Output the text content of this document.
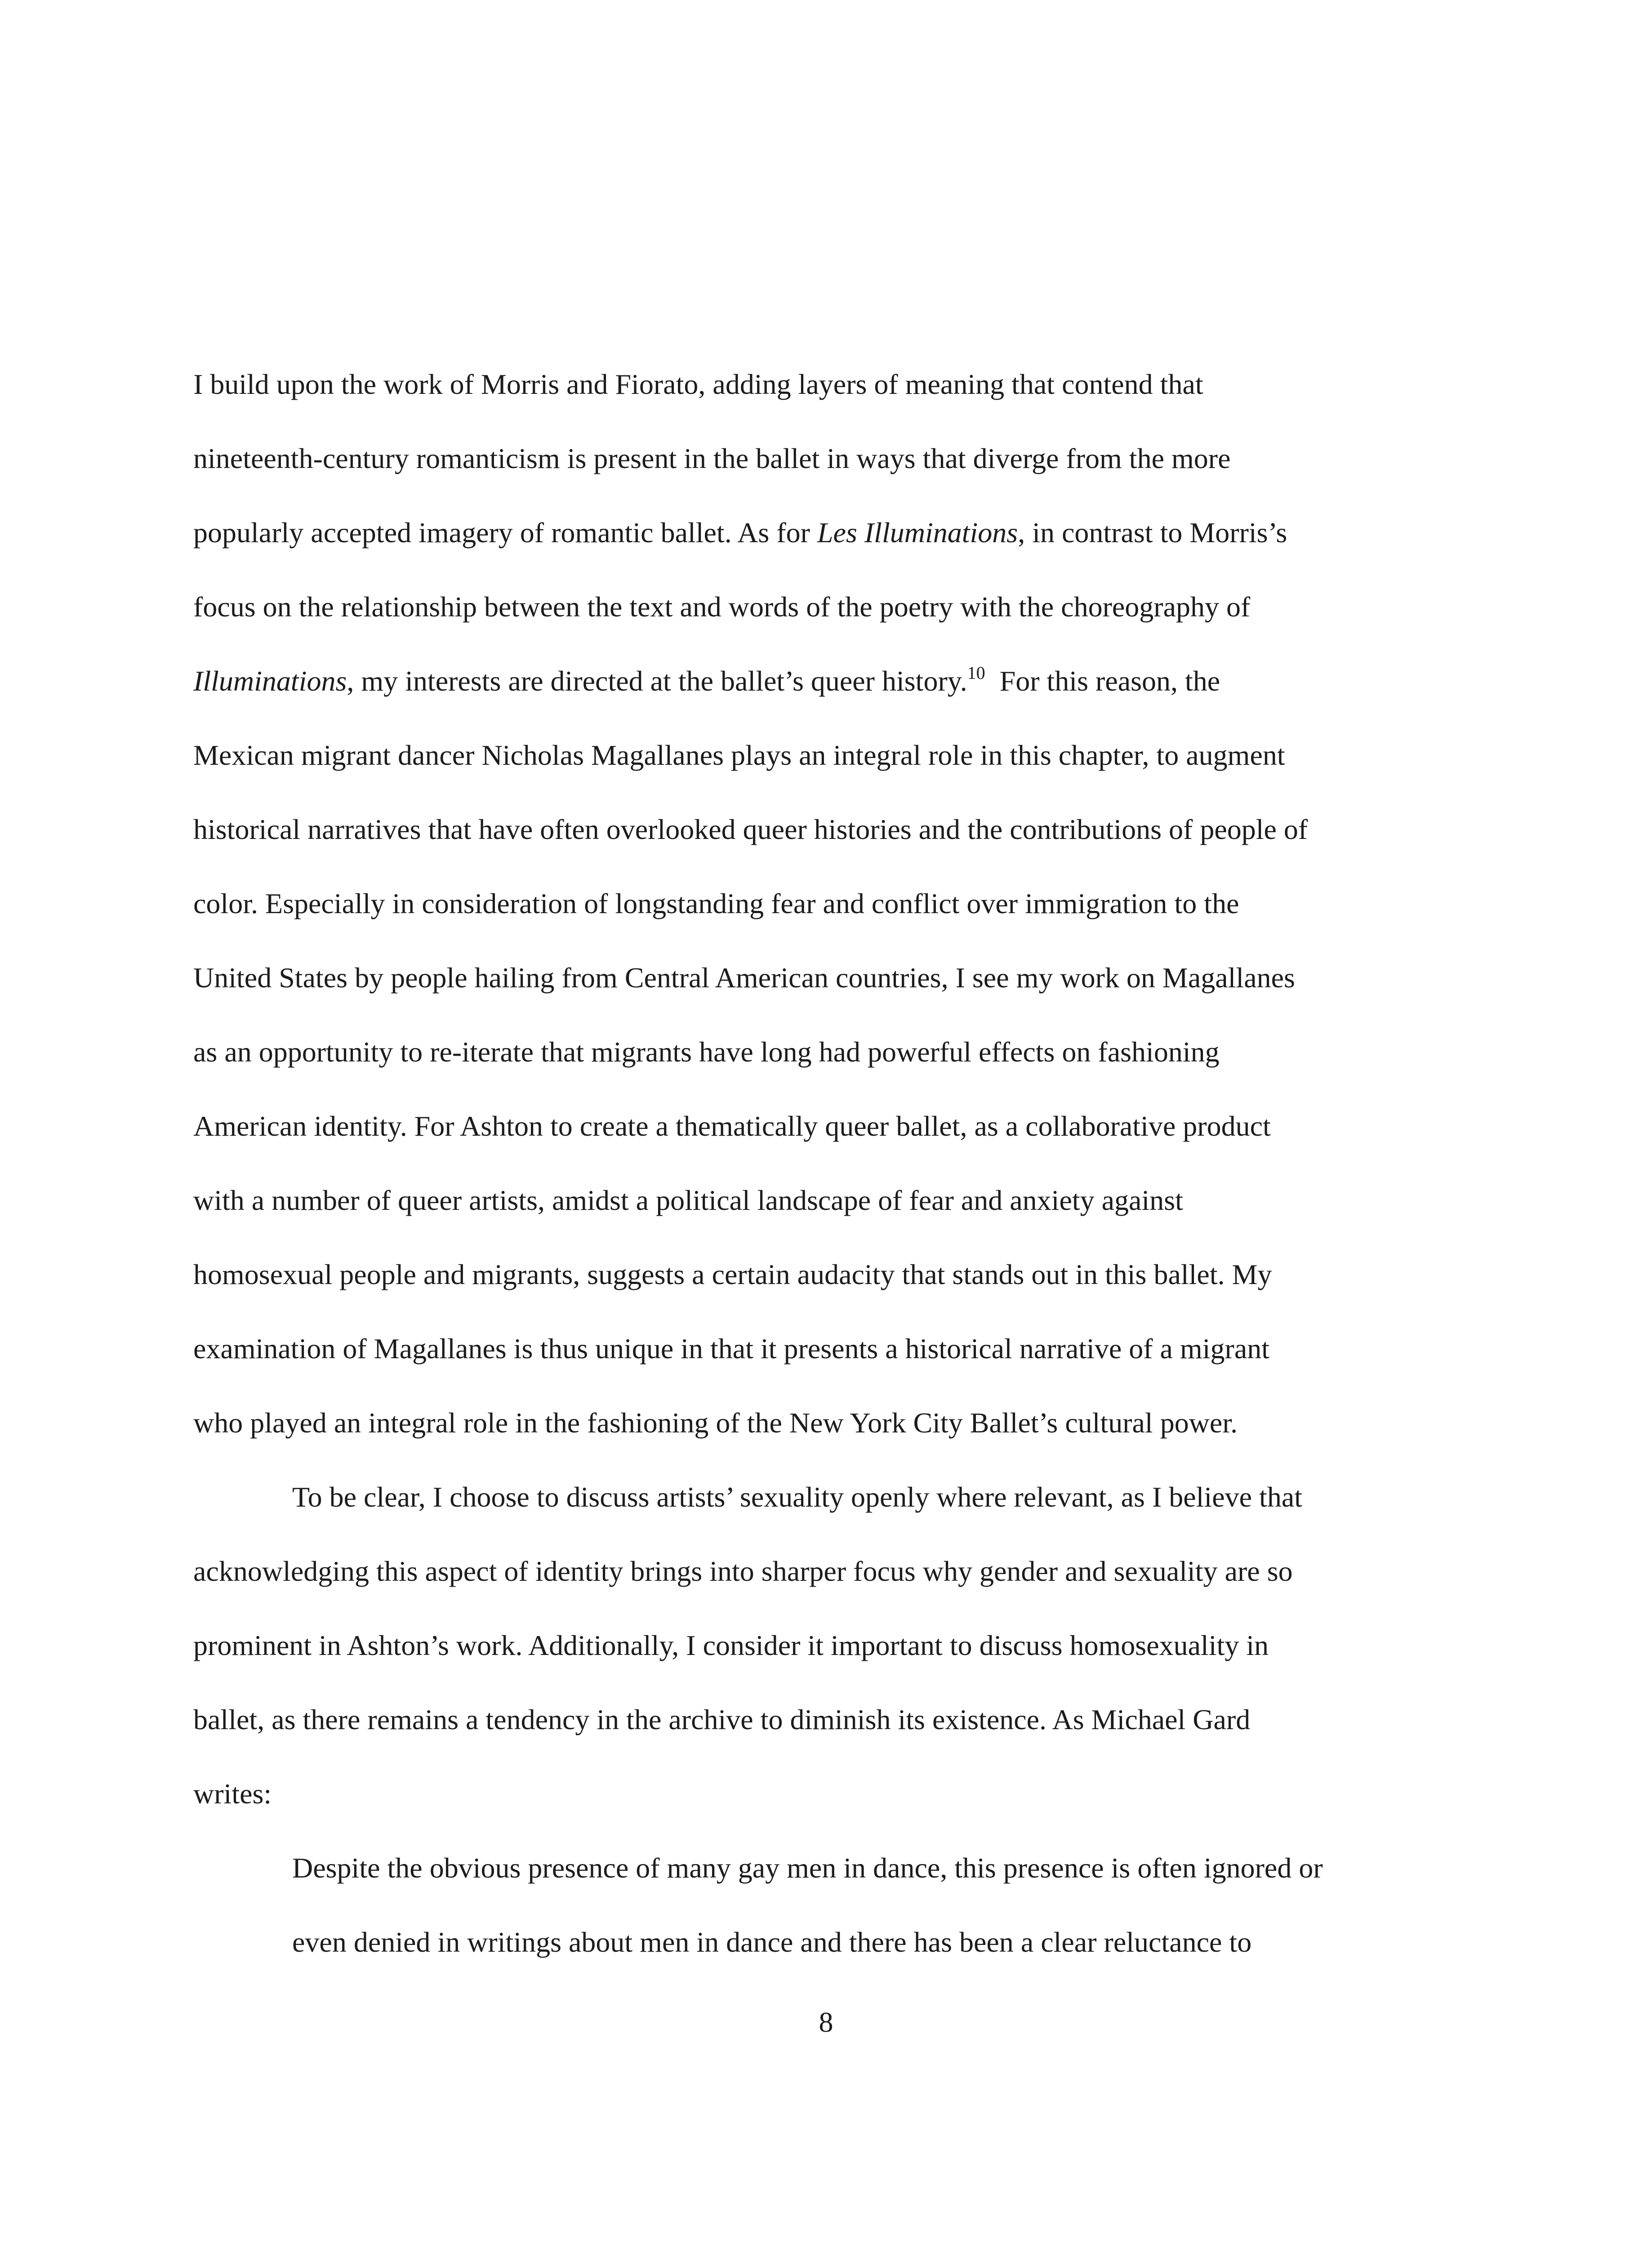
I build upon the work of Morris and Fiorato, adding layers of meaning that contend that
nineteenth-century romanticism is present in the ballet in ways that diverge from the more
popularly accepted imagery of romantic ballet. As for Les Illuminations, in contrast to Morris’s
focus on the relationship between the text and words of the poetry with the choreography of
Illuminations, my interests are directed at the ballet’s queer history.$^{10}$  For this reason, the
Mexican migrant dancer Nicholas Magallanes plays an integral role in this chapter, to augment
historical narratives that have often overlooked queer histories and the contributions of people of
color. Especially in consideration of longstanding fear and conflict over immigration to the
United States by people hailing from Central American countries, I see my work on Magallanes
as an opportunity to re-iterate that migrants have long had powerful effects on fashioning
American identity. For Ashton to create a thematically queer ballet, as a collaborative product
with a number of queer artists, amidst a political landscape of fear and anxiety against
homosexual people and migrants, suggests a certain audacity that stands out in this ballet. My
examination of Magallanes is thus unique in that it presents a historical narrative of a migrant
who played an integral role in the fashioning of the New York City Ballet’s cultural power.
To be clear, I choose to discuss artists’ sexuality openly where relevant, as I believe that
acknowledging this aspect of identity brings into sharper focus why gender and sexuality are so
prominent in Ashton’s work. Additionally, I consider it important to discuss homosexuality in
ballet, as there remains a tendency in the archive to diminish its existence. As Michael Gard
writes:
Despite the obvious presence of many gay men in dance, this presence is often ignored or
even denied in writings about men in dance and there has been a clear reluctance to
8
